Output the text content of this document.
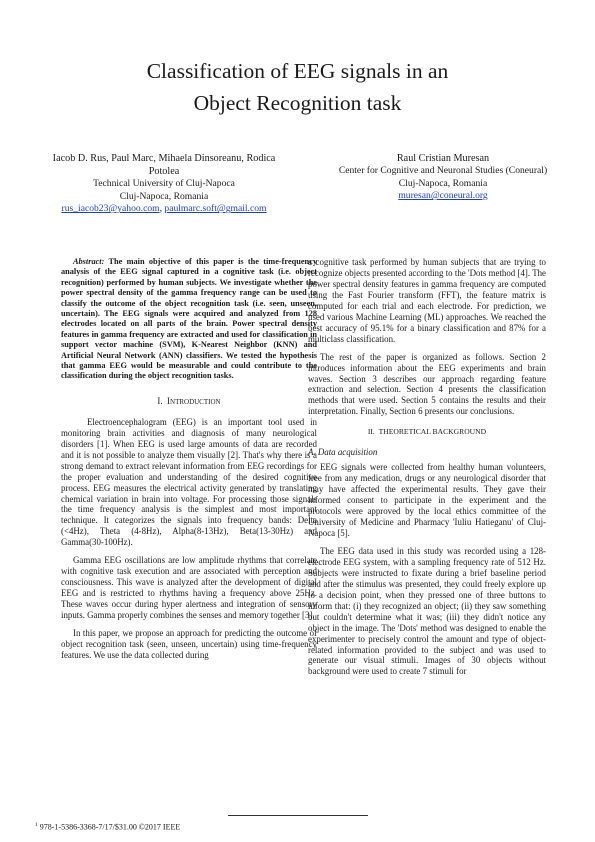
Classification of EEG signals in an
Object Recognition task
Iacob D. Rus, Paul Marc, Mihaela Dinsoreanu, Rodica
Potolea
Technical University of Cluj-Napoca
Cluj-Napoca, Romania
rus_iacob23@yahoo.com, paulmarc.soft@gmail.com
Raul Cristian Muresan
Center for Cognitive and Neuronal Studies (Coneural)
Cluj-Napoca, Romania
muresan@coneural.org

Abstract: The main objective of this paper is the time-frequency analysis of the EEG signal captured in a cognitive task (i.e. object recognition) performed by human subjects. We investigate whether the power spectral density of the gamma frequency range can be used to classify the outcome of the object recognition task (i.e. seen, unseen, uncertain). The EEG signals were acquired and analyzed from 128 electrodes located on all parts of the brain. Power spectral density features in gamma frequency are extracted and used for classification in support vector machine (SVM), K-Nearest Neighbor (KNN) and Artificial Neural Network (ANN) classifiers. We tested the hypothesis that gamma EEG would be measurable and could contribute to the classification during the object recognition tasks.

I. INTRODUCTION

Electroencephalogram (EEG) is an important tool used in monitoring brain activities and diagnosis of many neurological disorders [1]. When EEG is used large amounts of data are recorded and it is not possible to analyze them visually [2]. That's why there is a strong demand to extract relevant information from EEG recordings for the proper evaluation and understanding of the desired cognitive process. EEG measures the electrical activity generated by translating chemical variation in brain into voltage. For processing those signals the time frequency analysis is the simplest and most important technique. It categorizes the signals into frequency bands: Delta (<4Hz), Theta (4-8Hz), Alpha(8-13Hz), Beta(13-30Hz) and Gamma(30-100Hz).

Gamma EEG oscillations are low amplitude rhythms that correlate with cognitive task execution and are associated with perception and consciousness. This wave is analyzed after the development of digital EEG and is restricted to rhythms having a frequency above 25Hz. These waves occur during hyper alertness and integration of sensory inputs. Gamma properly combines the senses and memory together [3].

In this paper, we propose an approach for predicting the outcome of object recognition task (seen, unseen, uncertain) using time-frequency features. We use the data collected during

a cognitive task performed by human subjects that are trying to recognize objects presented according to the 'Dots method [4]. The power spectral density features in gamma frequency are computed using the Fast Fourier transform (FFT), the feature matrix is computed for each trial and each electrode. For prediction, we used various Machine Learning (ML) approaches. We reached the best accuracy of 95.1% for a binary classification and 87% for a multiclass classification.

The rest of the paper is organized as follows. Section 2 introduces information about the EEG experiments and brain waves. Section 3 describes our approach regarding feature extraction and selection. Section 4 presents the classification methods that were used. Section 5 contains the results and their interpretation. Finally, Section 6 presents our conclusions.

II. THEORETICAL BACKGROUND
A. Data acquisition

EEG signals were collected from healthy human volunteers, free from any medication, drugs or any neurological disorder that may have affected the experimental results. They gave their informed consent to participate in the experiment and the protocols were approved by the local ethics committee of the University of Medicine and Pharmacy 'Iuliu Hatieganu' of Cluj-Napoca [5].

The EEG data used in this study was recorded using a 128-electrode EEG system, with a sampling frequency rate of 512 Hz. Subjects were instructed to fixate during a brief baseline period and after the stimulus was presented, they could freely explore up to a decision point, when they pressed one of three buttons to inform that: (i) they recognized an object; (ii) they saw something but couldn't determine what it was; (iii) they didn't notice any object in the image. The 'Dots' method was designed to enable the experimenter to precisely control the amount and type of object-related information provided to the subject and was used to generate our visual stimuli. Images of 30 objects without background were used to create 7 stimuli for

$^1$ 978-1-5386-3368-7/17/$31.00 ©2017 IEEE
